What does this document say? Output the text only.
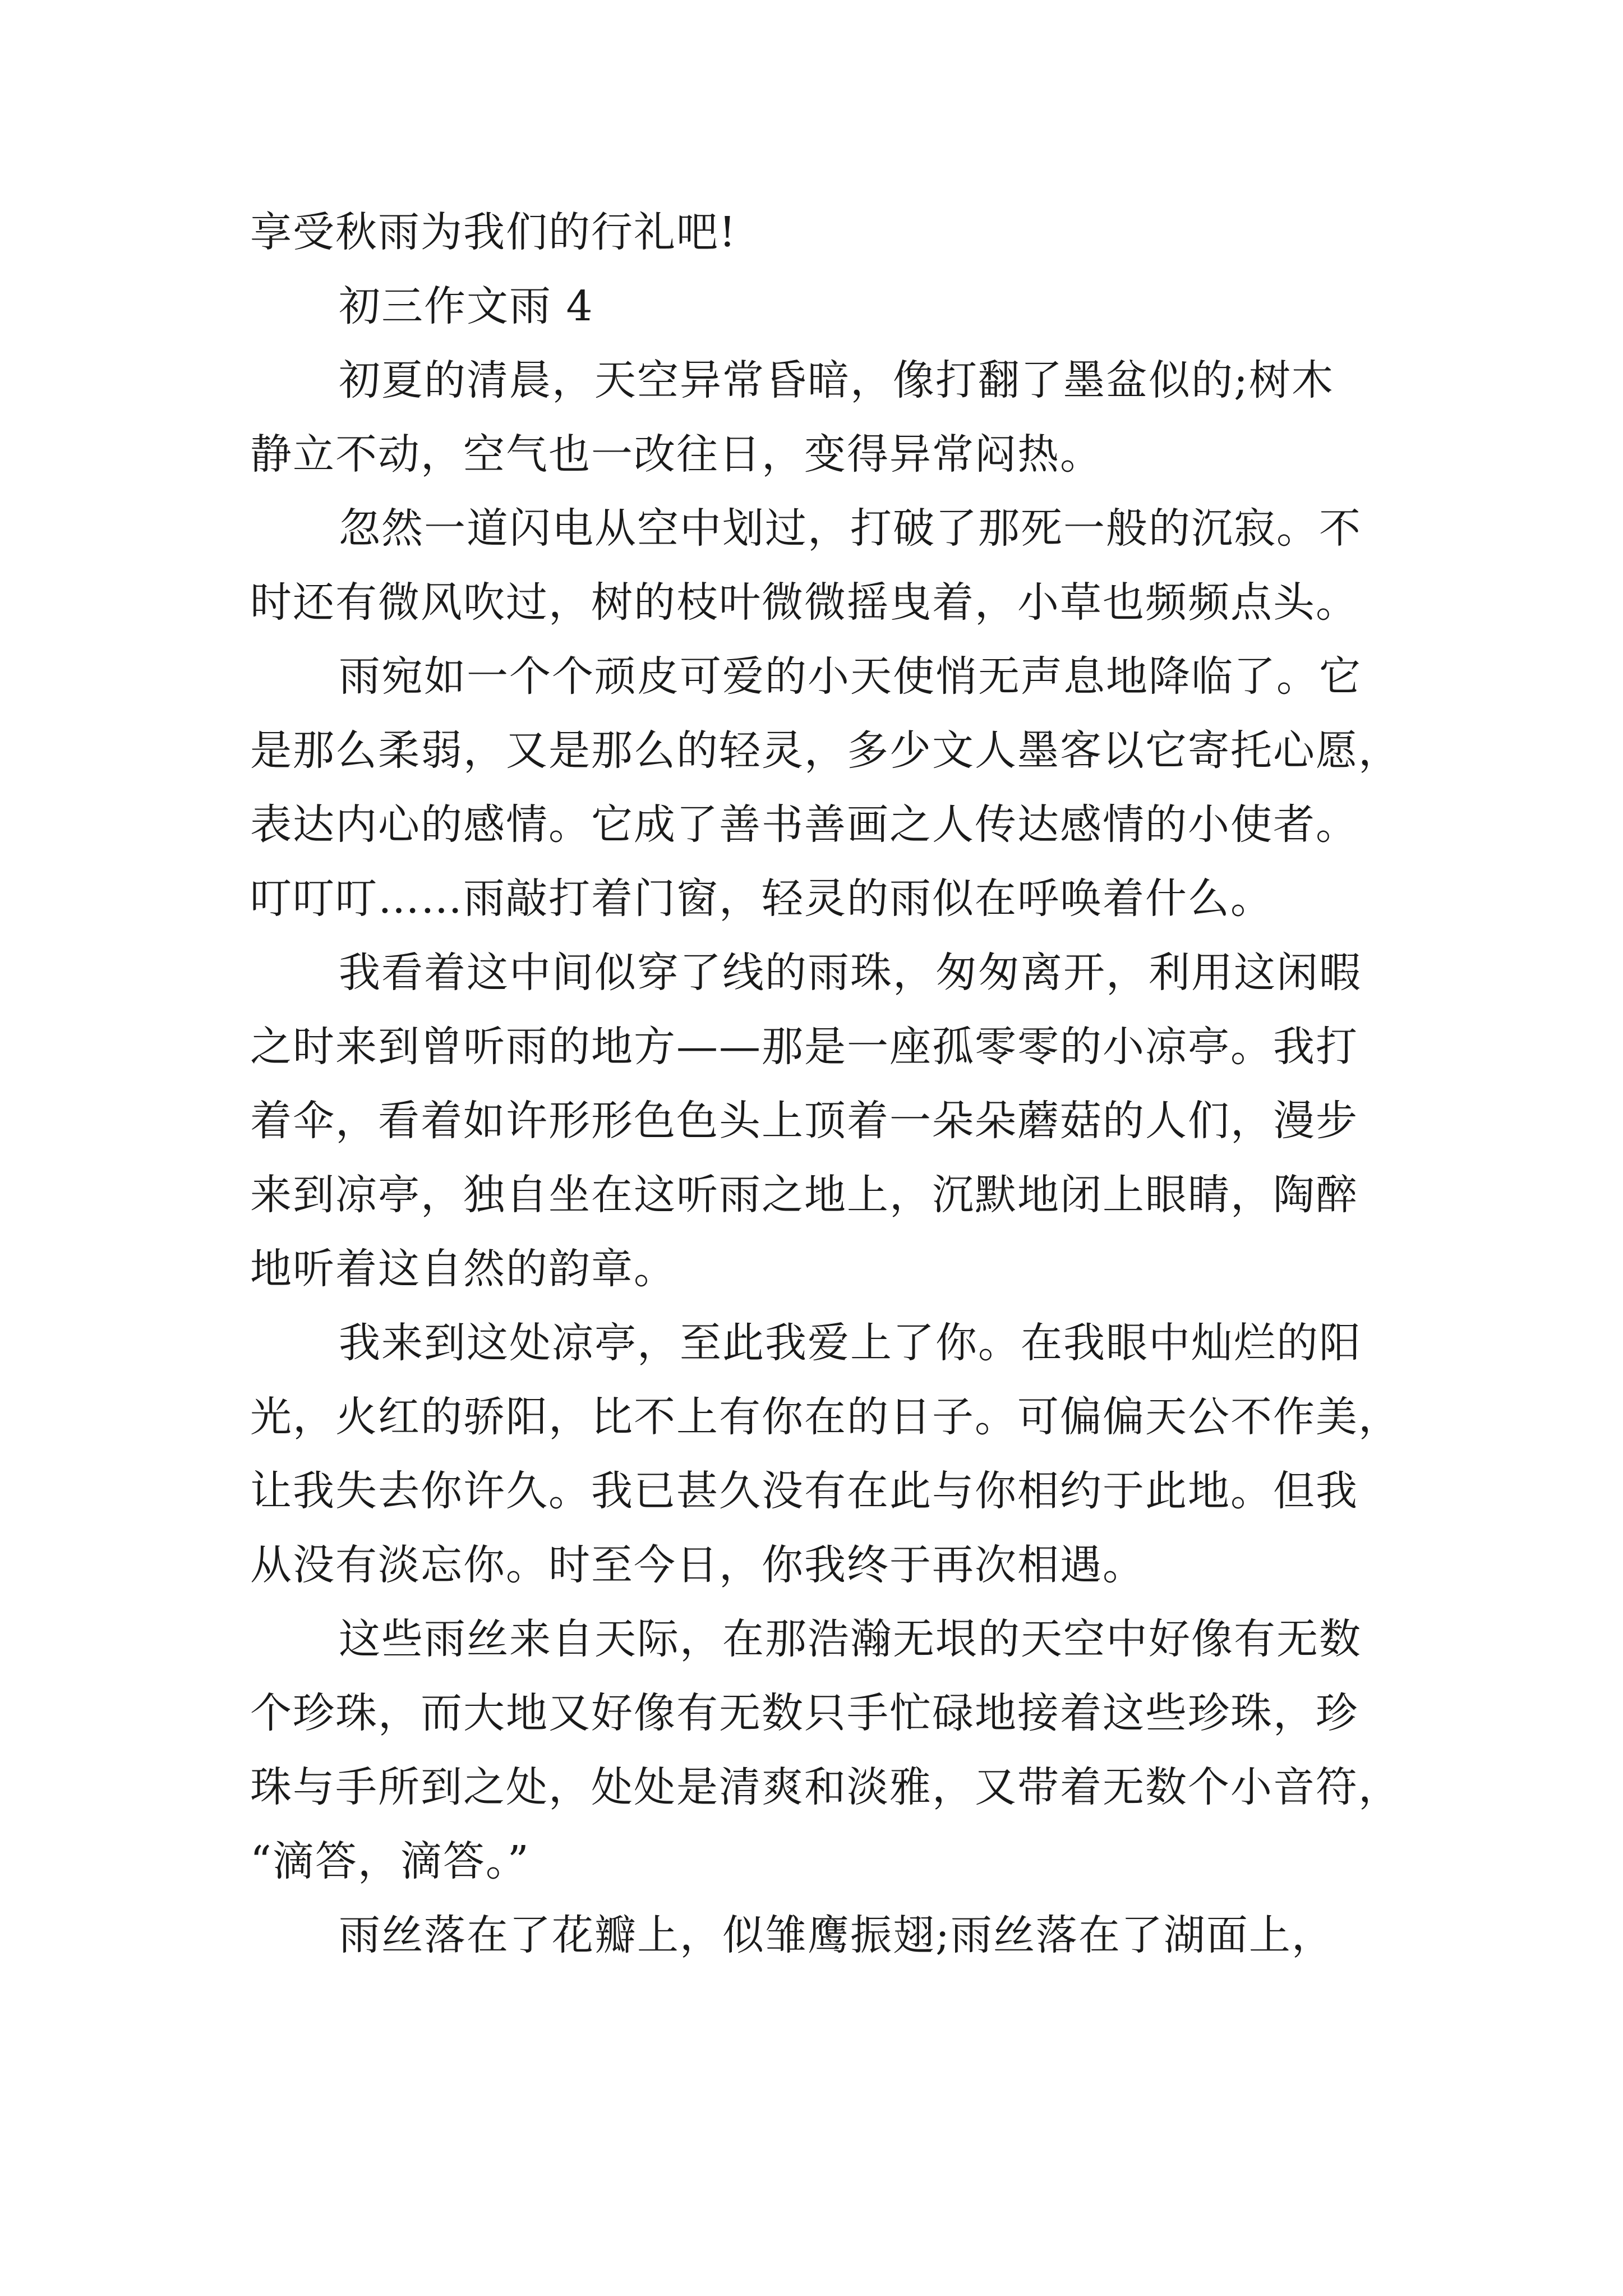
享受秋雨为我们的行礼吧!
初三作文雨 4
初夏的清晨，天空异常昏暗，像打翻了墨盆似的;树木
静立不动，空气也一改往日，变得异常闷热。
忽然一道闪电从空中划过，打破了那死一般的沉寂。不
时还有微风吹过，树的枝叶微微摇曳着，小草也频频点头。
雨宛如一个个顽皮可爱的小天使悄无声息地降临了。它
是那么柔弱，又是那么的轻灵，多少文人墨客以它寄托心愿，
表达内心的感情。它成了善书善画之人传达感情的小使者。
叮叮叮……雨敲打着门窗，轻灵的雨似在呼唤着什么。
我看着这中间似穿了线的雨珠，匆匆离开，利用这闲暇
之时来到曾听雨的地方——那是一座孤零零的小凉亭。我打
着伞，看着如许形形色色头上顶着一朵朵蘑菇的人们，漫步
来到凉亭，独自坐在这听雨之地上，沉默地闭上眼睛，陶醉
地听着这自然的韵章。
我来到这处凉亭，至此我爱上了你。在我眼中灿烂的阳
光，火红的骄阳，比不上有你在的日子。可偏偏天公不作美，
让我失去你许久。我已甚久没有在此与你相约于此地。但我
从没有淡忘你。时至今日，你我终于再次相遇。
这些雨丝来自天际，在那浩瀚无垠的天空中好像有无数
个珍珠，而大地又好像有无数只手忙碌地接着这些珍珠，珍
珠与手所到之处，处处是清爽和淡雅，又带着无数个小音符，
“滴答，滴答。”
雨丝落在了花瓣上，似雏鹰振翅;雨丝落在了湖面上，
